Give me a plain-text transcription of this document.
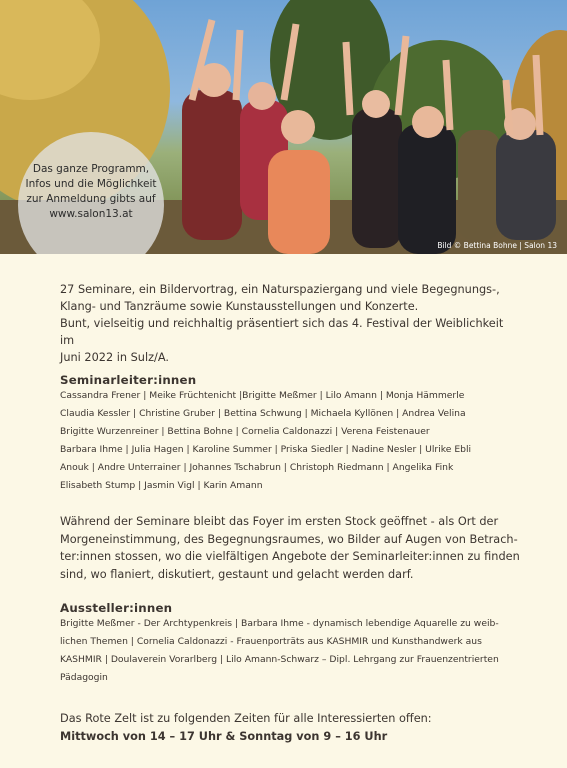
Das ganze Programm,
Infos und die Möglichkeit
zur Anmeldung gibts auf
www.salon13.at
Bild © Bettina Bohne | Salon 13

27 Seminare, ein Bildervortrag, ein Naturspaziergang und viele Begegnungs-,

Klang- und Tanzräume sowie Kunstausstellungen und Konzerte.

Bunt, vielseitig und reichhaltig präsentiert sich das 4. Festival der Weiblichkeit im

Juni 2022 in Sulz/A.

Seminarleiter:innen

Cassandra Frener | Meike Früchtenicht |Brigitte Meßmer | Lilo Amann | Monja Hämmerle

Claudia Kessler | Christine Gruber | Bettina Schwung | Michaela Kyllönen | Andrea Velina

Brigitte Wurzenreiner | Bettina Bohne | Cornelia Caldonazzi | Verena Feistenauer

Barbara Ihme | Julia Hagen | Karoline Summer | Priska Siedler | Nadine Nesler | Ulrike Ebli

Anouk | Andre Unterrainer | Johannes Tschabrun | Christoph Riedmann | Angelika Fink

Elisabeth Stump | Jasmin Vigl | Karin Amann

Während der Seminare bleibt das Foyer im ersten Stock geöffnet - als Ort der

Morgeneinstimmung, des Begegnungsraumes, wo Bilder auf Augen von Betrach-

ter:innen stossen, wo die vielfältigen Angebote der Seminarleiter:innen zu finden

sind, wo flaniert, diskutiert, gestaunt und gelacht werden darf.

Aussteller:innen

Brigitte Meßmer - Der Archtypenkreis | Barbara Ihme - dynamisch lebendige Aquarelle zu weib-

lichen Themen | Cornelia Caldonazzi - Frauenporträts aus KASHMIR und Kunsthandwerk aus

KASHMIR | Doulaverein Vorarlberg | Lilo Amann-Schwarz – Dipl. Lehrgang zur Frauenzentrierten

Pädagogin

Das Rote Zelt ist zu folgenden Zeiten für alle Interessierten offen:

Mittwoch von 14 – 17 Uhr & Sonntag von 9 – 16 Uhr
